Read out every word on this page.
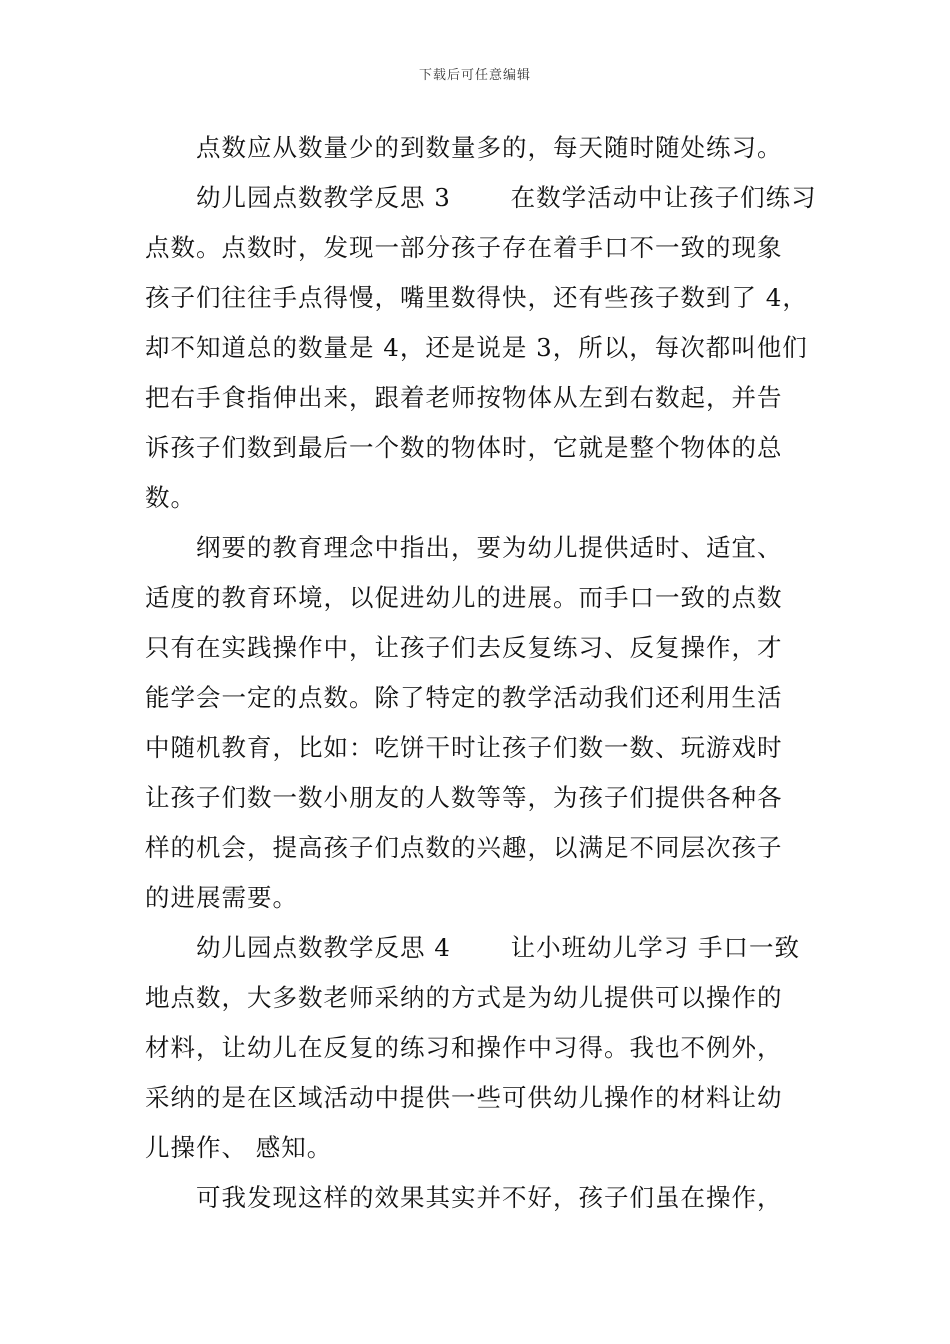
下载后可任意编辑
点数应从数量少的到数量多的，每天随时随处练习。
幼儿园点数教学反思 3　　 在数学活动中让孩子们练习
点数。点数时，发现一部分孩子存在着手口不一致的现象
孩子们往往手点得慢，嘴里数得快，还有些孩子数到了 4，
却不知道总的数量是 4，还是说是 3，所以，每次都叫他们
把右手食指伸出来，跟着老师按物体从左到右数起，并告
诉孩子们数到最后一个数的物体时，它就是整个物体的总
数。
纲要的教育理念中指出，要为幼儿提供适时、适宜、
适度的教育环境，以促进幼儿的进展。而手口一致的点数
只有在实践操作中，让孩子们去反复练习、反复操作，才
能学会一定的点数。除了特定的教学活动我们还利用生活
中随机教育，比如：吃饼干时让孩子们数一数、玩游戏时
让孩子们数一数小朋友的人数等等，为孩子们提供各种各
样的机会，提高孩子们点数的兴趣，以满足不同层次孩子
的进展需要。
幼儿园点数教学反思 4　　 让小班幼儿学习 手口一致
地点数，大多数老师采纳的方式是为幼儿提供可以操作的
材料，让幼儿在反复的练习和操作中习得。我也不例外，
采纳的是在区域活动中提供一些可供幼儿操作的材料让幼
儿操作、 感知。
可我发现这样的效果其实并不好，孩子们虽在操作，
